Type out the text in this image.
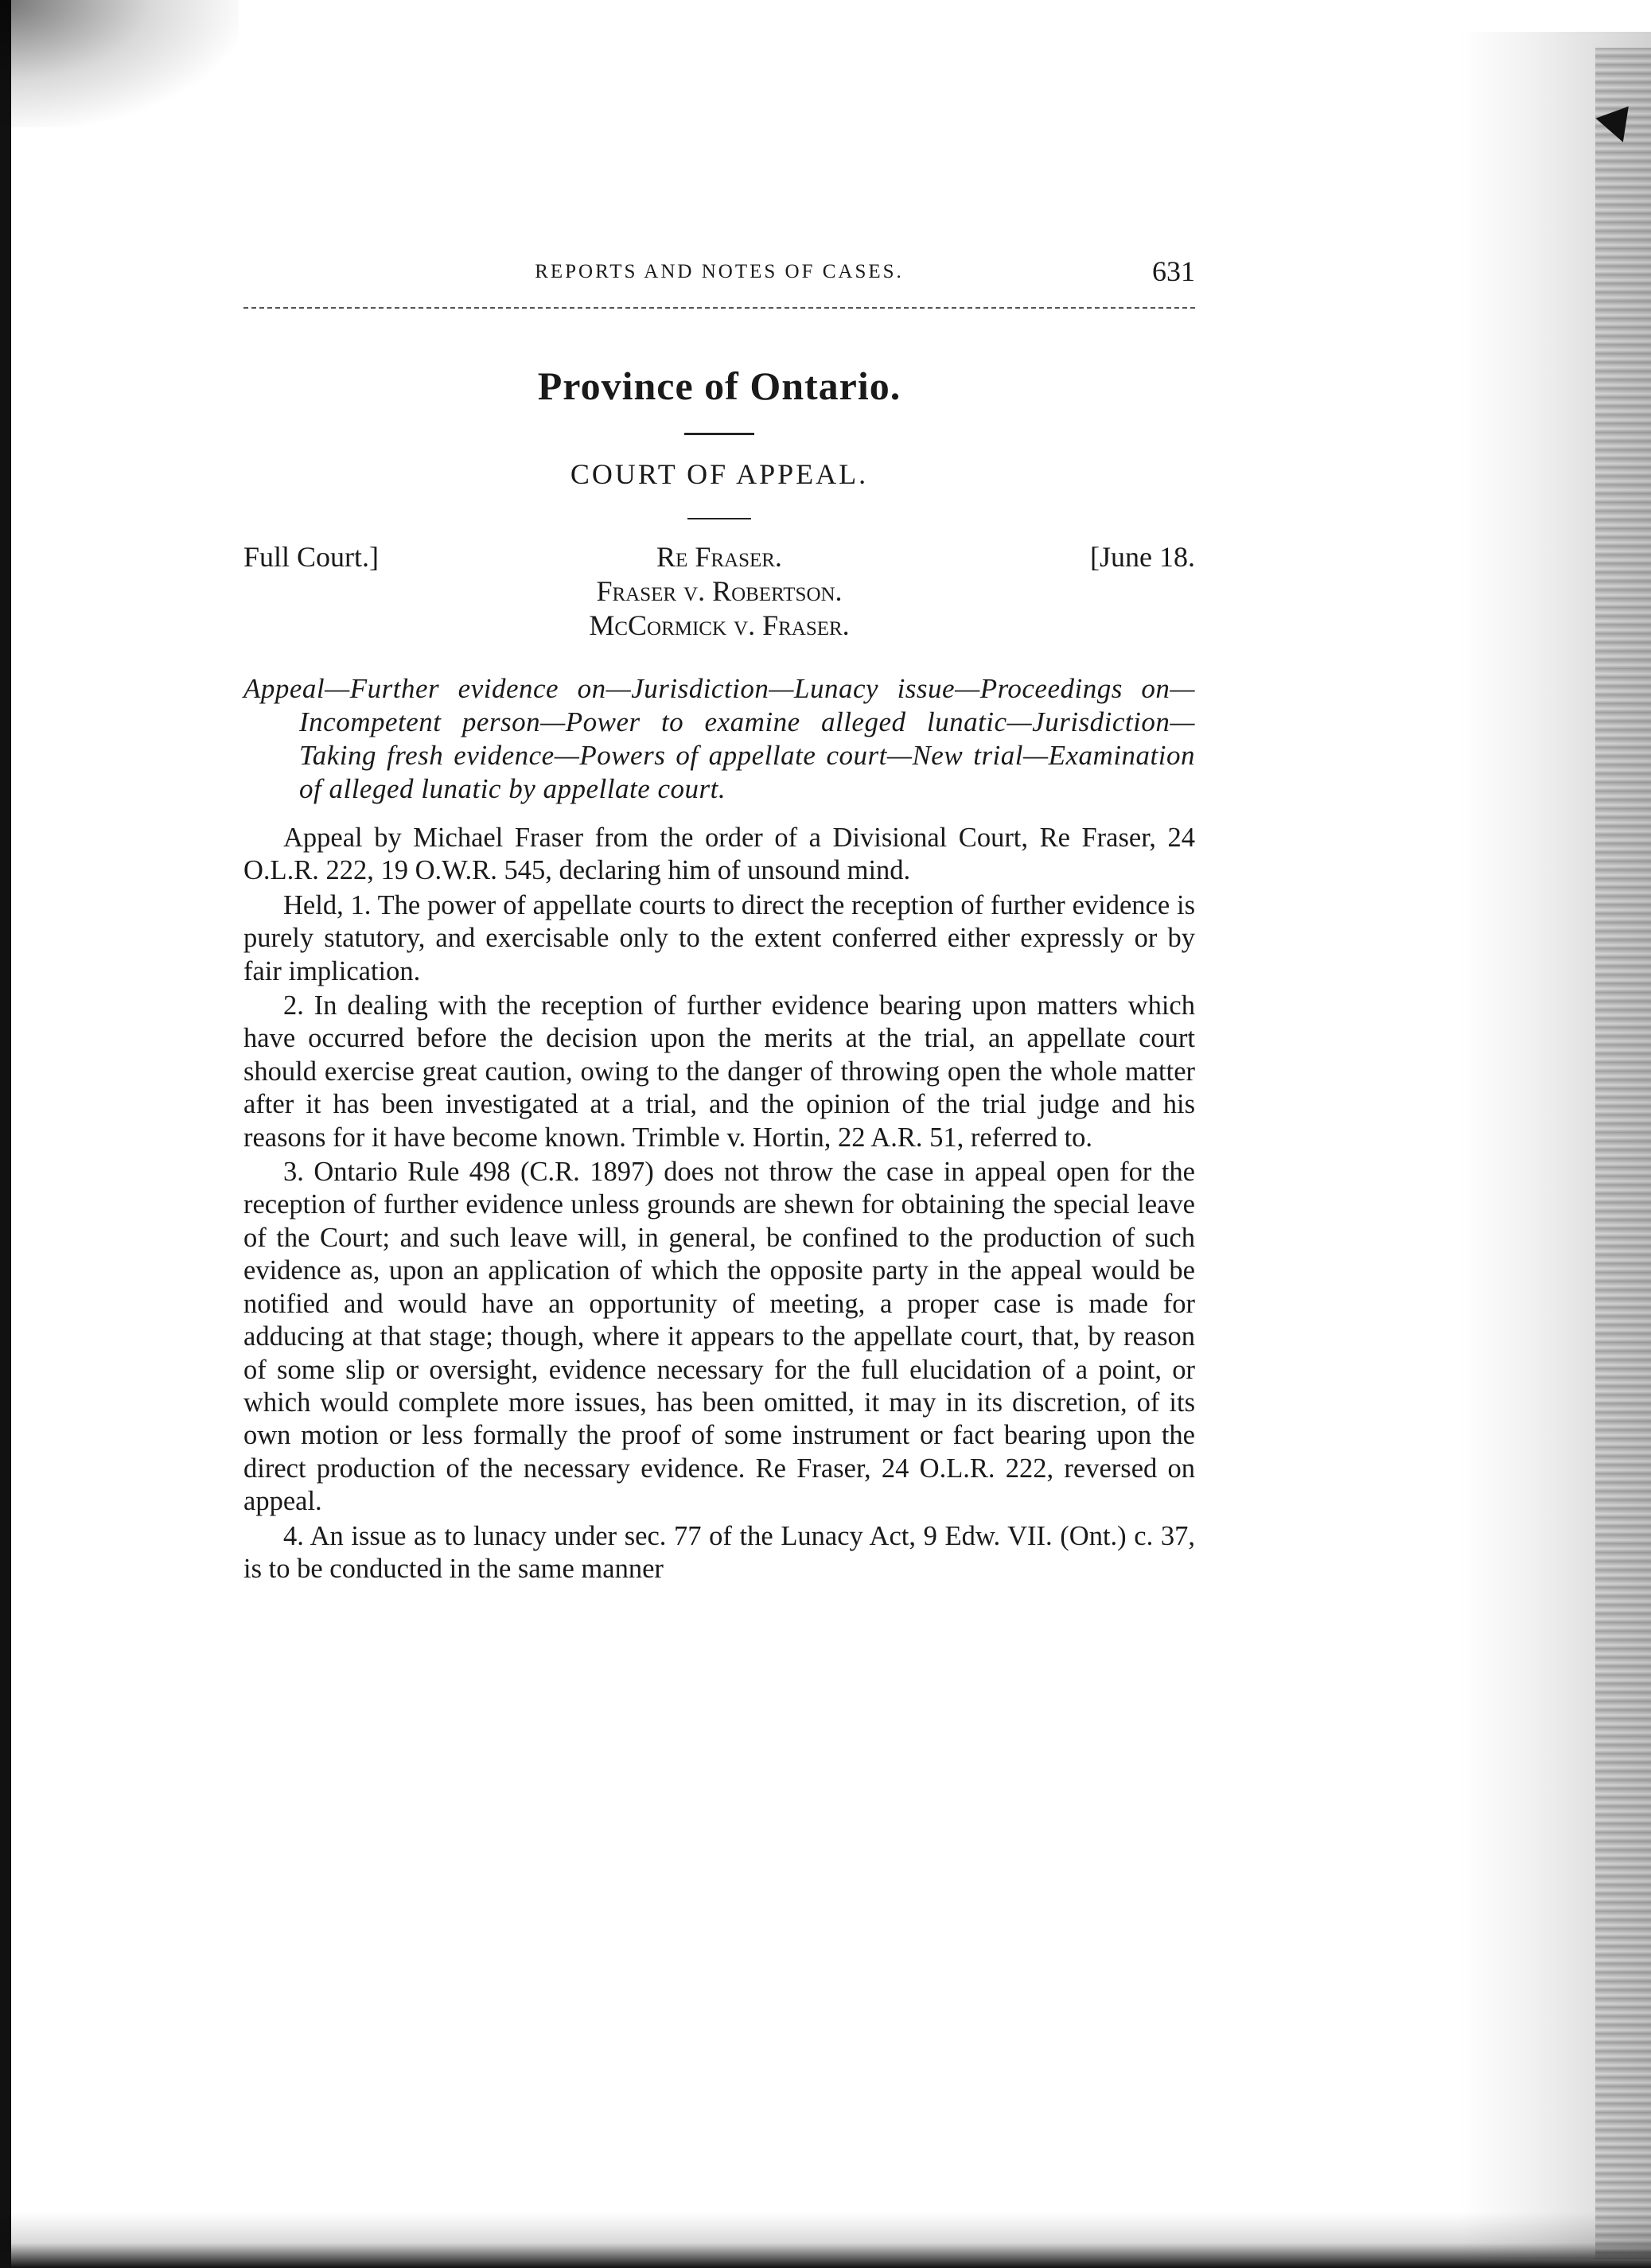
REPORTS AND NOTES OF CASES.	631
Province of Ontario.
COURT OF APPEAL.
Full Court.]	Re Fraser.
Fraser v. Robertson.
McCormick v. Fraser.
[June 18.
Appeal—Further evidence on—Jurisdiction—Lunacy issue—Proceedings on—Incompetent person—Power to examine alleged lunatic—Jurisdiction—Taking fresh evidence—Powers of appellate court—New trial—Examination of alleged lunatic by appellate court.

Appeal by Michael Fraser from the order of a Divisional Court, Re Fraser, 24 O.L.R. 222, 19 O.W.R. 545, declaring him of unsound mind.

Held, 1. The power of appellate courts to direct the reception of further evidence is purely statutory, and exercisable only to the extent conferred either expressly or by fair implication.

2. In dealing with the reception of further evidence bearing upon matters which have occurred before the decision upon the merits at the trial, an appellate court should exercise great caution, owing to the danger of throwing open the whole matter after it has been investigated at a trial, and the opinion of the trial judge and his reasons for it have become known. Trimble v. Hortin, 22 A.R. 51, referred to.

3. Ontario Rule 498 (C.R. 1897) does not throw the case in appeal open for the reception of further evidence unless grounds are shewn for obtaining the special leave of the Court; and such leave will, in general, be confined to the production of such evidence as, upon an application of which the opposite party in the appeal would be notified and would have an opportunity of meeting, a proper case is made for adducing at that stage; though, where it appears to the appellate court, that, by reason of some slip or oversight, evidence necessary for the full elucidation of a point, or which would complete more issues, has been omitted, it may in its discretion, of its own motion or less formally the proof of some instrument or fact bearing upon the direct production of the necessary evidence. Re Fraser, 24 O.L.R. 222, reversed on appeal.

4. An issue as to lunacy under sec. 77 of the Lunacy Act, 9 Edw. VII. (Ont.) c. 37, is to be conducted in the same manner
